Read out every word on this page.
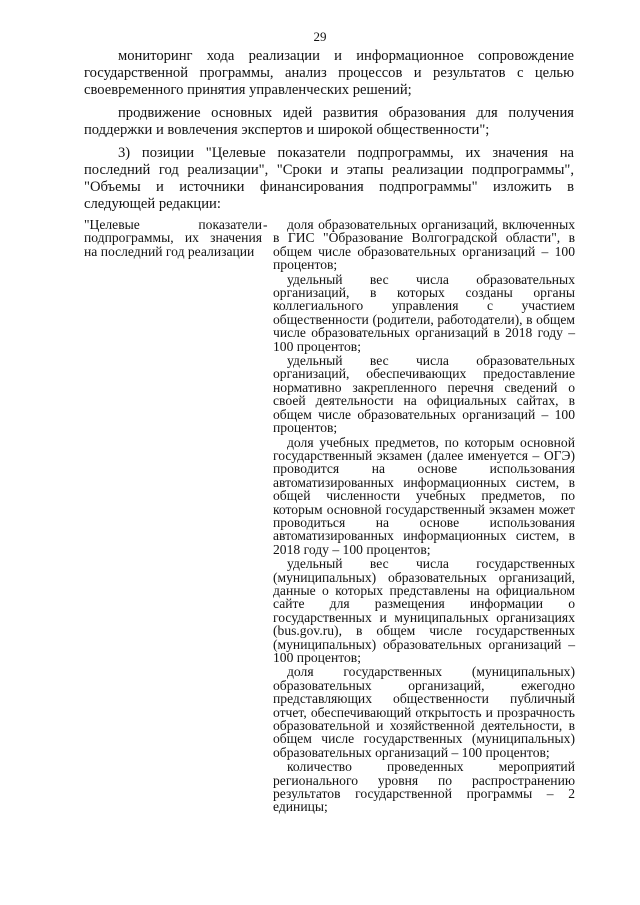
29

мониторинг хода реализации и информационное сопровождение государственной программы, анализ процессов и результатов с целью своевременного принятия управленческих решений;

продвижение основных идей развития образования для получения поддержки и вовлечения экспертов и широкой общественности";

3) позиции "Целевые показатели подпрограммы, их значения на последний год реализации", "Сроки и этапы реализации подпрограммы", "Объемы и источники финансирования подпрограммы" изложить в следующей редакции:

"Целевые показатели подпрограммы, их значения на последний год реализации
-	доля образовательных организаций, включенных в ГИС "Образование Волгоградской области", в общем числе образовательных организаций – 100 процентов;

удельный вес числа образовательных организаций, в которых созданы органы коллегиального управления с участием общественности (родители, работодатели), в общем числе образовательных организаций в 2018 году – 100 процентов;

удельный вес числа образовательных организаций, обеспечивающих предоставление нормативно закрепленного перечня сведений о своей деятельности на официальных сайтах, в общем числе образовательных организаций – 100 процентов;

доля учебных предметов, по которым основной государственный экзамен (далее именуется – ОГЭ) проводится на основе использования автоматизированных информационных систем, в общей численности учебных предметов, по которым основной государственный экзамен может проводиться на основе использования автоматизированных информационных систем, в 2018 году – 100 процентов;

удельный вес числа государственных (муниципальных) образовательных организаций, данные о которых представлены на официальном сайте для размещения информации о государственных и муниципальных организациях (bus.gov.ru), в общем числе государственных (муниципальных) образовательных организаций – 100 процентов;

доля государственных (муниципальных) образовательных организаций, ежегодно представляющих общественности публичный отчет, обеспечивающий открытость и прозрачность образовательной и хозяйственной деятельности, в общем числе государственных (муниципальных) образовательных организаций – 100 процентов;

количество проведенных мероприятий регионального уровня по распространению результатов государственной программы – 2 единицы;
